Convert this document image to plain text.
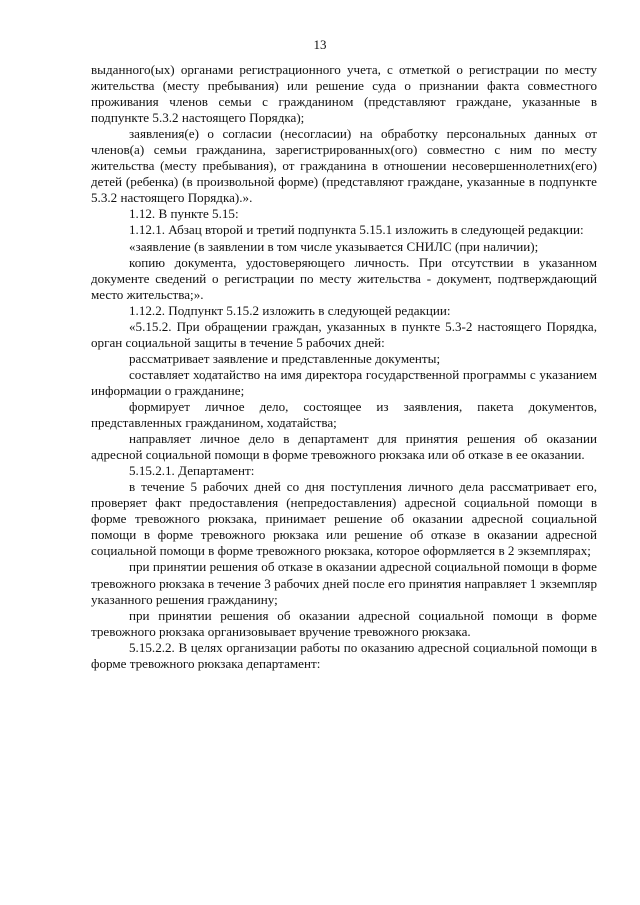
13

выданного(ых) органами регистрационного учета, с отметкой о регистрации по месту жительства (месту пребывания) или решение суда о признании факта совместного проживания членов семьи с гражданином (представляют граждане, указанные в подпункте 5.3.2 настоящего Порядка);

заявления(е) о согласии (несогласии) на обработку персональных данных от членов(а) семьи гражданина, зарегистрированных(ого) совместно с ним по месту жительства (месту пребывания), от гражданина в отношении несовершеннолетних(его) детей (ребенка) (в произвольной форме) (представляют граждане, указанные в подпункте 5.3.2 настоящего Порядка).».

1.12. В пункте 5.15:

1.12.1. Абзац второй и третий подпункта 5.15.1 изложить в следующей редакции:

«заявление (в заявлении в том числе указывается СНИЛС (при наличии);

копию документа, удостоверяющего личность. При отсутствии в указанном документе сведений о регистрации по месту жительства - документ, подтверждающий место жительства;».

1.12.2. Подпункт 5.15.2 изложить в следующей редакции:

«5.15.2. При обращении граждан, указанных в пункте 5.3-2 настоящего Порядка, орган социальной защиты в течение 5 рабочих дней:

рассматривает заявление и представленные документы;

составляет ходатайство на имя директора государственной программы с указанием информации о гражданине;

формирует личное дело, состоящее из заявления, пакета документов, представленных гражданином, ходатайства;

направляет личное дело в департамент для принятия решения об оказании адресной социальной помощи в форме тревожного рюкзака или об отказе в ее оказании.

5.15.2.1. Департамент:

в течение 5 рабочих дней со дня поступления личного дела рассматривает его, проверяет факт предоставления (непредоставления) адресной социальной помощи в форме тревожного рюкзака, принимает решение об оказании адресной социальной помощи в форме тревожного рюкзака или решение об отказе в оказании адресной социальной помощи в форме тревожного рюкзака, которое оформляется в 2 экземплярах;

при принятии решения об отказе в оказании адресной социальной помощи в форме тревожного рюкзака в течение 3 рабочих дней после его принятия направляет 1 экземпляр указанного решения гражданину;

при принятии решения об оказании адресной социальной помощи в форме тревожного рюкзака организовывает вручение тревожного рюкзака.

5.15.2.2. В целях организации работы по оказанию адресной социальной помощи в форме тревожного рюкзака департамент:
